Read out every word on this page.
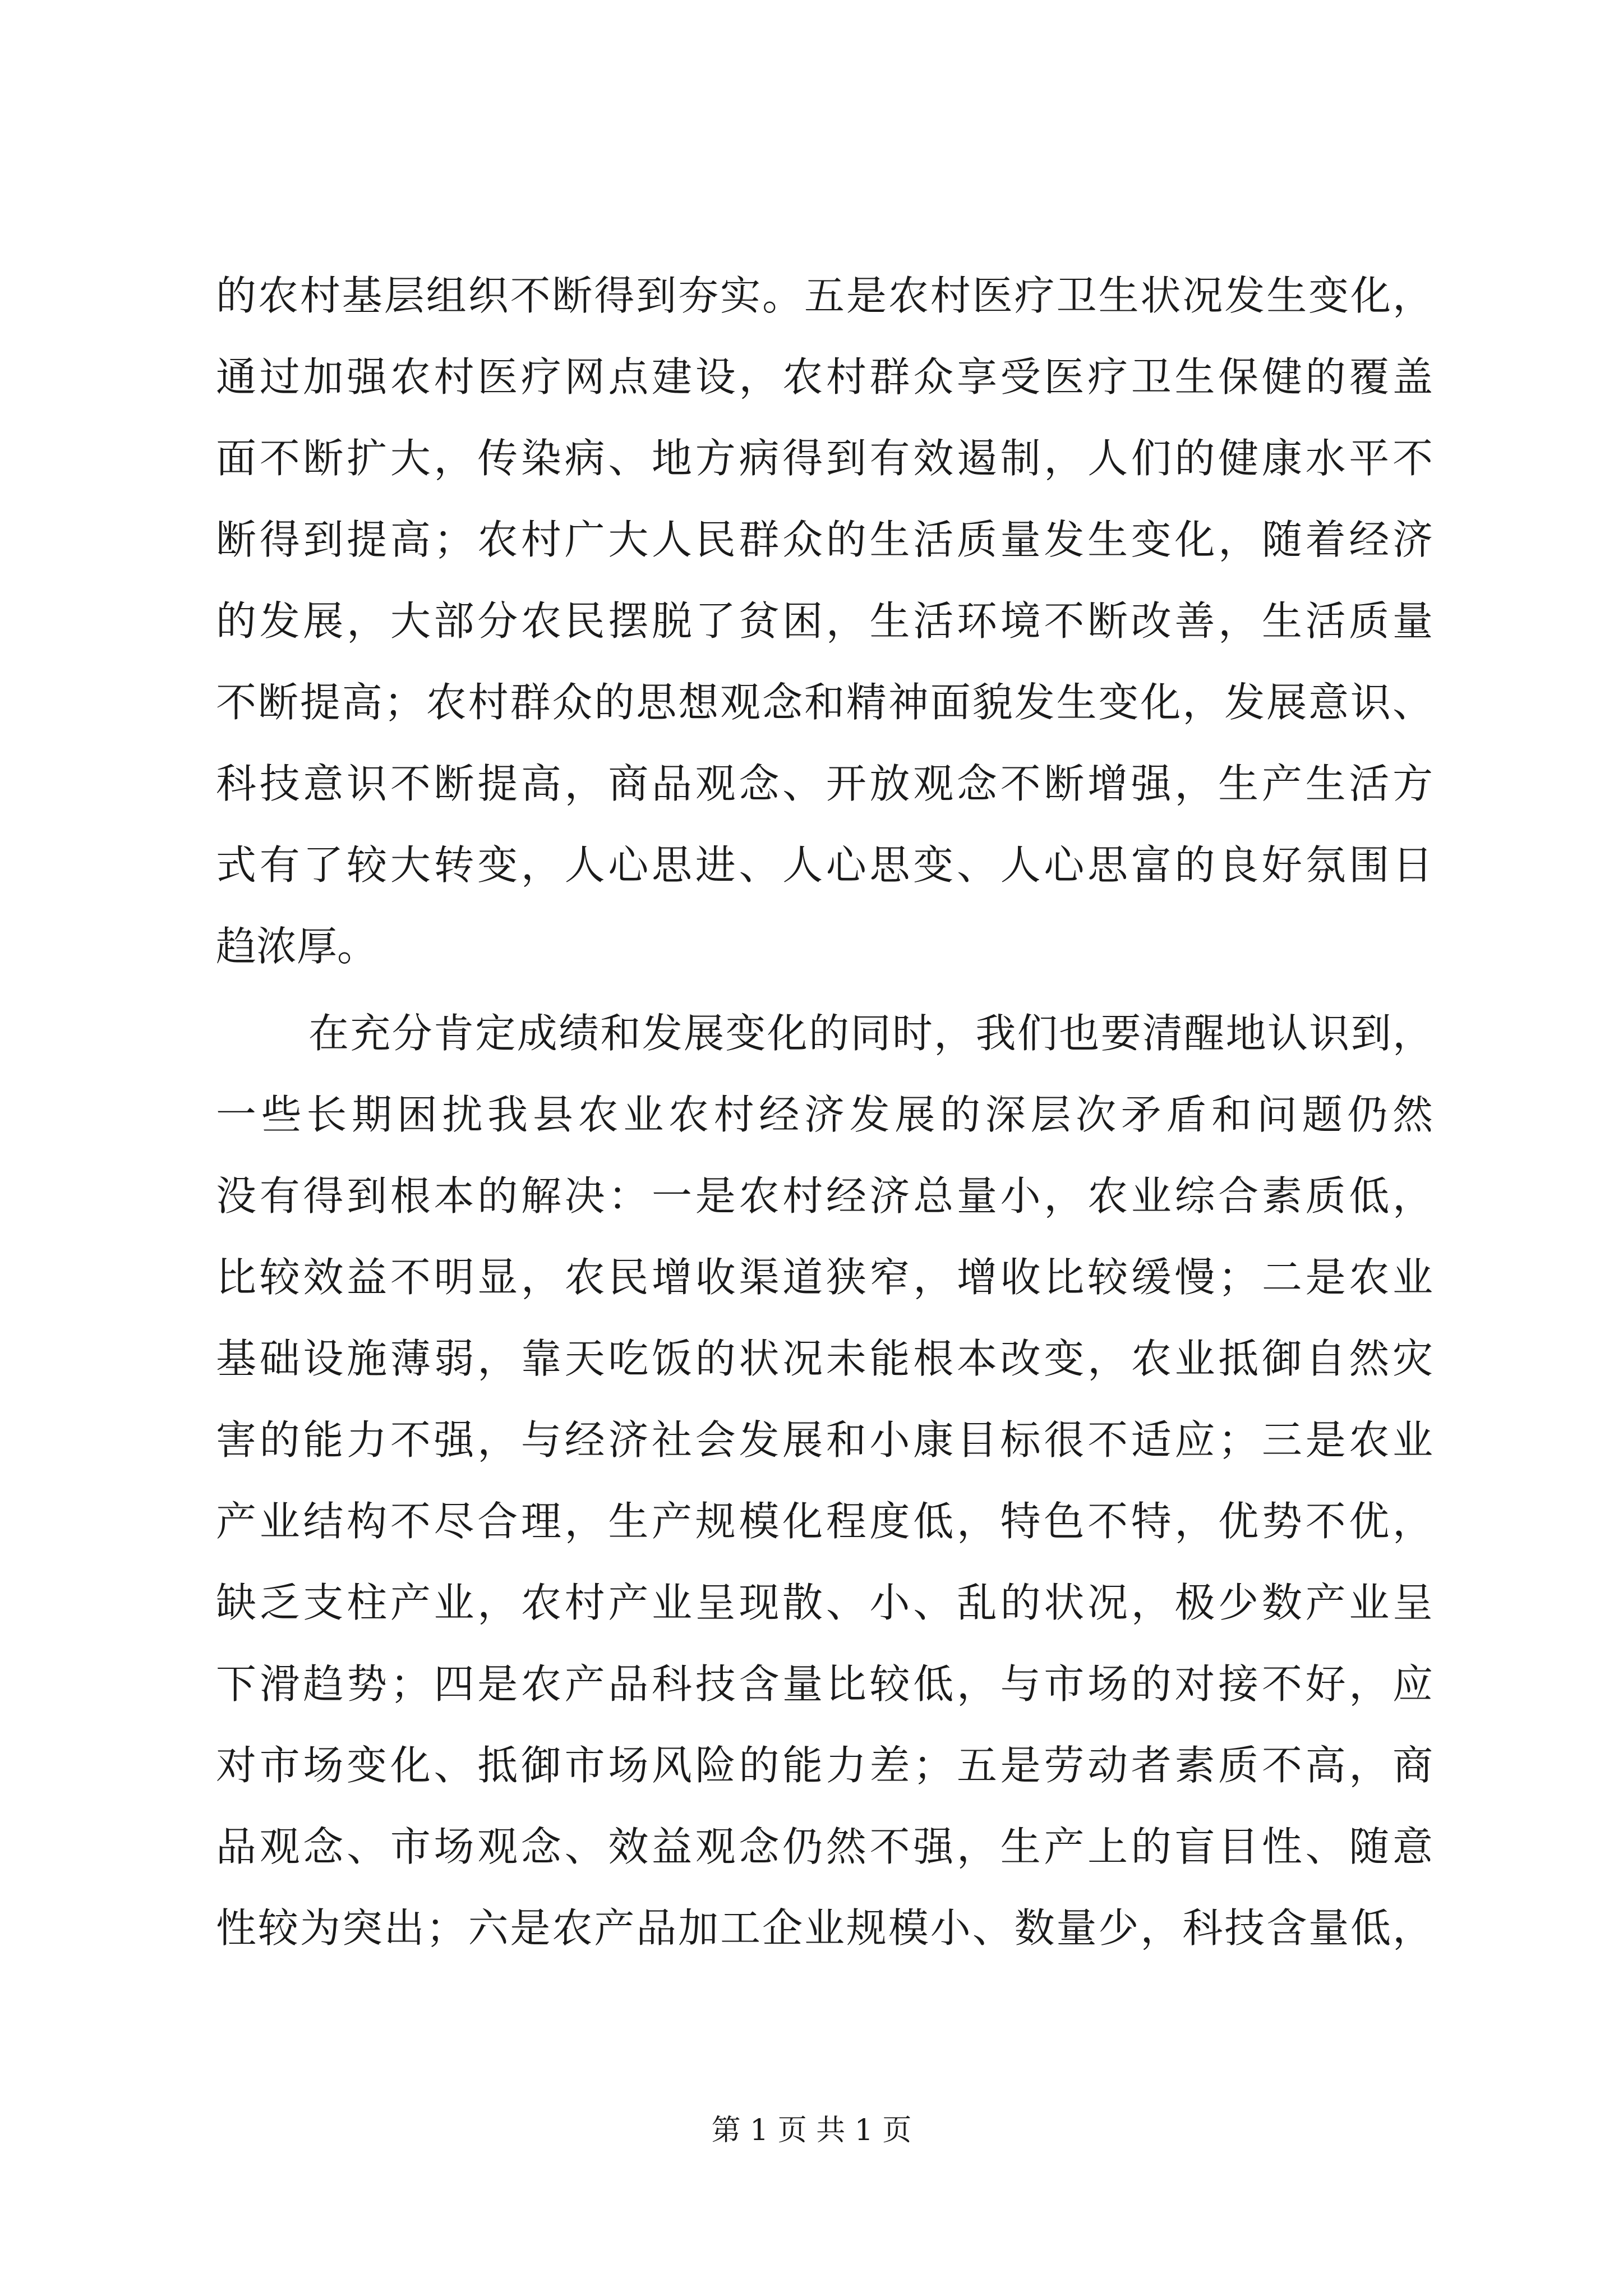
的农村基层组织不断得到夯实。五是农村医疗卫生状况发生变化，
通过加强农村医疗网点建设，农村群众享受医疗卫生保健的覆盖
面不断扩大，传染病、地方病得到有效遏制，人们的健康水平不
断得到提高；农村广大人民群众的生活质量发生变化，随着经济
的发展，大部分农民摆脱了贫困，生活环境不断改善，生活质量
不断提高；农村群众的思想观念和精神面貌发生变化，发展意识、
科技意识不断提高，商品观念、开放观念不断增强，生产生活方
式有了较大转变，人心思进、人心思变、人心思富的良好氛围日
趋浓厚。
在充分肯定成绩和发展变化的同时，我们也要清醒地认识到，
一些长期困扰我县农业农村经济发展的深层次矛盾和问题仍然
没有得到根本的解决：一是农村经济总量小，农业综合素质低，
比较效益不明显，农民增收渠道狭窄，增收比较缓慢；二是农业
基础设施薄弱，靠天吃饭的状况未能根本改变，农业抵御自然灾
害的能力不强，与经济社会发展和小康目标很不适应；三是农业
产业结构不尽合理，生产规模化程度低，特色不特，优势不优，
缺乏支柱产业，农村产业呈现散、小、乱的状况，极少数产业呈
下滑趋势；四是农产品科技含量比较低，与市场的对接不好，应
对市场变化、抵御市场风险的能力差；五是劳动者素质不高，商
品观念、市场观念、效益观念仍然不强，生产上的盲目性、随意
性较为突出；六是农产品加工企业规模小、数量少，科技含量低，
第 1 页 共 1 页
